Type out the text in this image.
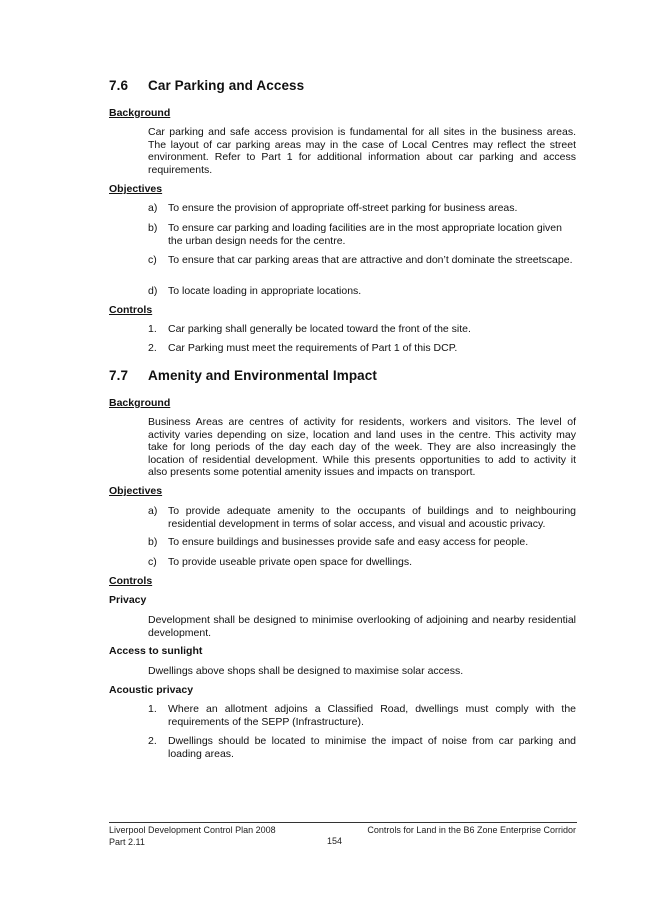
7.6	Car Parking and Access
Background
Car parking and safe access provision is fundamental for all sites in the business areas. The layout of car parking areas may in the case of Local Centres may reflect the street environment. Refer to Part 1 for additional information about car parking and access requirements.
Objectives
a)	To ensure the provision of appropriate off-street parking for business areas.
b)	To ensure car parking and loading facilities are in the most appropriate location given the urban design needs for the centre.
c)	To ensure that car parking areas that are attractive and don’t dominate the streetscape.
d)	To locate loading in appropriate locations.
Controls
1.	Car parking shall generally be located toward the front of the site.
2.	Car Parking must meet the requirements of Part 1 of this DCP.
7.7	Amenity and Environmental Impact
Background
Business Areas are centres of activity for residents, workers and visitors. The level of activity varies depending on size, location and land uses in the centre. This activity may take for long periods of the day each day of the week. They are also increasingly the location of residential development. While this presents opportunities to add to activity it also presents some potential amenity issues and impacts on transport.
Objectives
a)	To provide adequate amenity to the occupants of buildings and to neighbouring residential development in terms of solar access, and visual and acoustic privacy.
b)	To ensure buildings and businesses provide safe and easy access for people.
c)	To provide useable private open space for dwellings.
Controls
Privacy
Development shall be designed to minimise overlooking of adjoining and nearby residential development.
Access to sunlight
Dwellings above shops shall be designed to maximise solar access.
Acoustic privacy
1.	Where an allotment adjoins a Classified Road, dwellings must comply with the requirements of the SEPP (Infrastructure).
2.	Dwellings should be located to minimise the impact of noise from car parking and loading areas.
Liverpool Development Control Plan 2008
Part 2.11
Controls for Land in the B6 Zone Enterprise Corridor
154
